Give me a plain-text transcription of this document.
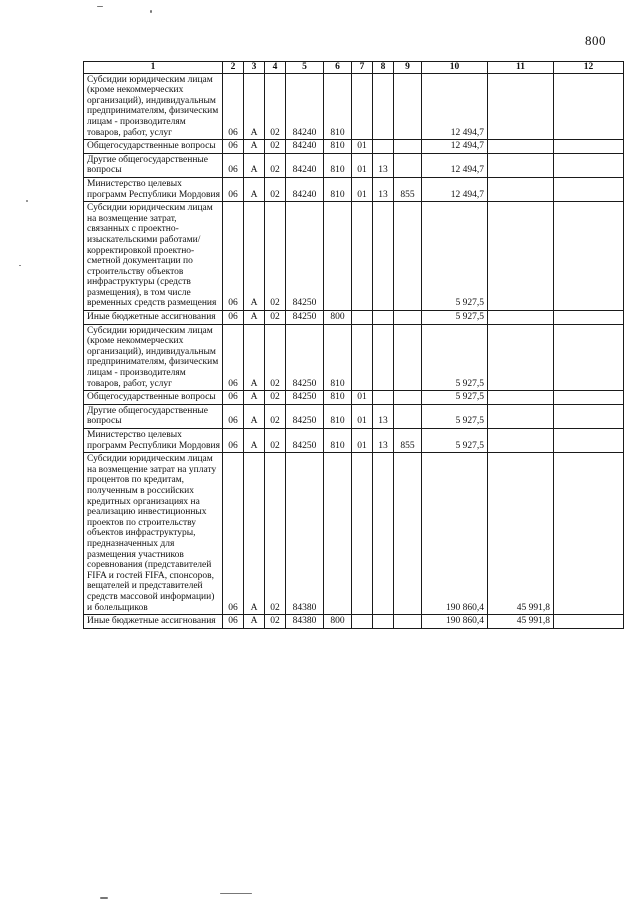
800
1	2	3	4	5	6	7	8	9	10	11	12
Субсидии юридическим лицам (кроме некоммерческих организаций), индивидуальным предпринимателям, физическим лицам - производителям товаров, работ, услуг	06	А	02	84240	810				12 494,7		
Общегосударственные вопросы	06	А	02	84240	810	01			12 494,7		
Другие общегосударственные вопросы	06	А	02	84240	810	01	13		12 494,7		
Министерство целевых программ Республики Мордовия	06	А	02	84240	810	01	13	855	12 494,7		
Субсидии юридическим лицам на возмещение затрат, связанных с проектно-изыскательскими работами/корректировкой проектно-сметной документации по строительству объектов инфраструктуры (средств размещения), в том числе временных средств размещения	06	А	02	84250					5 927,5		
Иные бюджетные ассигнования	06	А	02	84250	800				5 927,5		
Субсидии юридическим лицам (кроме некоммерческих организаций), индивидуальным предпринимателям, физическим лицам - производителям товаров, работ, услуг	06	А	02	84250	810				5 927,5		
Общегосударственные вопросы	06	А	02	84250	810	01			5 927,5		
Другие общегосударственные вопросы	06	А	02	84250	810	01	13		5 927,5		
Министерство целевых программ Республики Мордовия	06	А	02	84250	810	01	13	855	5 927,5		
Субсидии юридическим лицам на возмещение затрат на уплату процентов по кредитам, полученным в российских кредитных организациях на реализацию инвестиционных проектов по строительству объектов инфраструктуры, предназначенных для размещения участников соревнования (представителей FIFA и гостей FIFA, спонсоров, вещателей и представителей средств массовой информации) и болельщиков	06	А	02	84380					190 860,4	45 991,8	
Иные бюджетные ассигнования	06	А	02	84380	800				190 860,4	45 991,8	
